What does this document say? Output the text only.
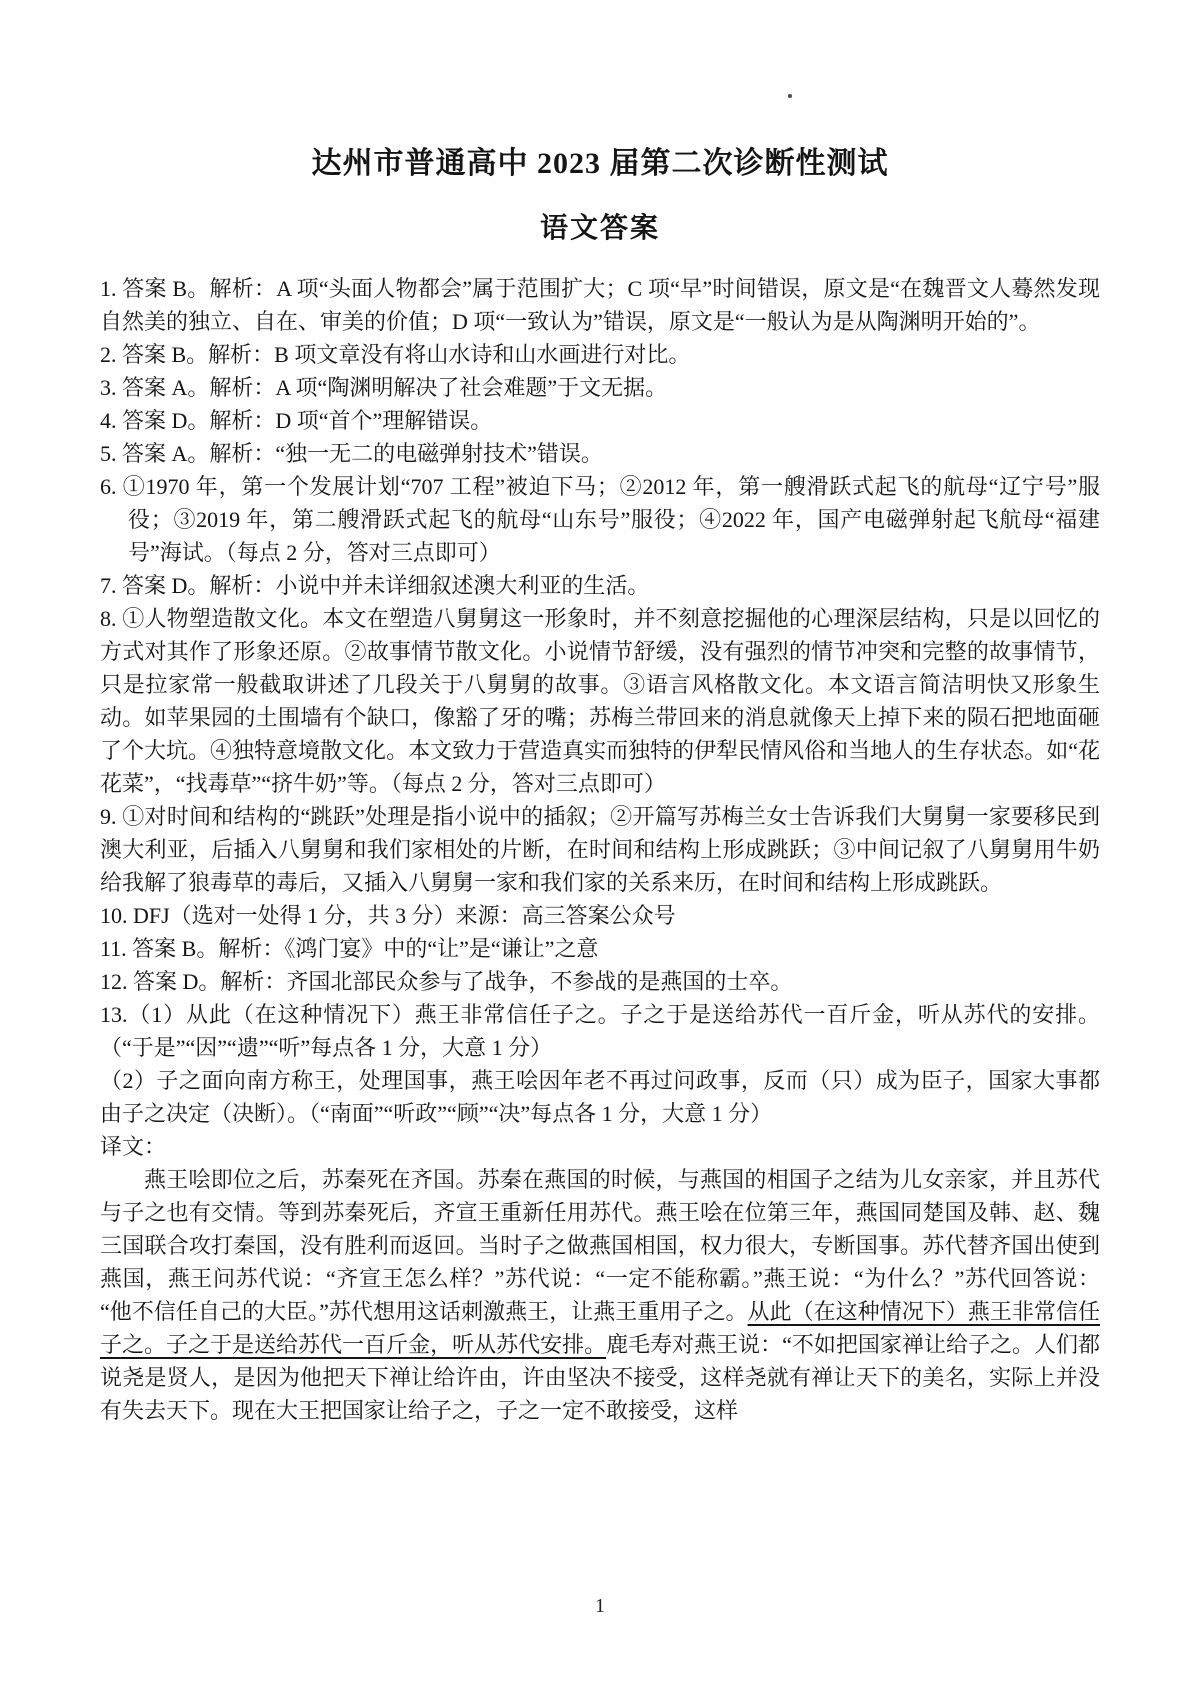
达州市普通高中 2023 届第二次诊断性测试
语文答案

1. 答案 B。解析：A 项“头面人物都会”属于范围扩大；C 项“早”时间错误，原文是“在魏晋文人蓦然发现自然美的独立、自在、审美的价值；D 项“一致认为”错误，原文是“一般认为是从陶渊明开始的”。

2. 答案 B。解析：B 项文章没有将山水诗和山水画进行对比。

3. 答案 A。解析：A 项“陶渊明解决了社会难题”于文无据。

4. 答案 D。解析：D 项“首个”理解错误。

5. 答案 A。解析：“独一无二的电磁弹射技术”错误。

6. ①1970 年，第一个发展计划“707 工程”被迫下马；②2012 年，第一艘滑跃式起飞的航母“辽宁号”服役；③2019 年，第二艘滑跃式起飞的航母“山东号”服役；④2022 年，国产电磁弹射起飞航母“福建号”海试。（每点 2 分，答对三点即可）

7. 答案 D。解析：小说中并未详细叙述澳大利亚的生活。

8. ①人物塑造散文化。本文在塑造八舅舅这一形象时，并不刻意挖掘他的心理深层结构，只是以回忆的方式对其作了形象还原。②故事情节散文化。小说情节舒缓，没有强烈的情节冲突和完整的故事情节，只是拉家常一般截取讲述了几段关于八舅舅的故事。③语言风格散文化。本文语言简洁明快又形象生动。如苹果园的土围墙有个缺口，像豁了牙的嘴；苏梅兰带回来的消息就像天上掉下来的陨石把地面砸了个大坑。④独特意境散文化。本文致力于营造真实而独特的伊犁民情风俗和当地人的生存状态。如“花花菜”，“找毒草”“挤牛奶”等。（每点 2 分，答对三点即可）

9. ①对时间和结构的“跳跃”处理是指小说中的插叙；②开篇写苏梅兰女士告诉我们大舅舅一家要移民到澳大利亚，后插入八舅舅和我们家相处的片断，在时间和结构上形成跳跃；③中间记叙了八舅舅用牛奶给我解了狼毒草的毒后，又插入八舅舅一家和我们家的关系来历，在时间和结构上形成跳跃。

10. DFJ（选对一处得 1 分，共 3 分）来源：高三答案公众号

11. 答案 B。解析：《鸿门宴》中的“让”是“谦让”之意

12. 答案 D。解析：齐国北部民众参与了战争，不参战的是燕国的士卒。

13.（1）从此（在这种情况下）燕王非常信任子之。子之于是送给苏代一百斤金，听从苏代的安排。（“于是”“因”“遗”“听”每点各 1 分，大意 1 分）

（2）子之面向南方称王，处理国事，燕王哙因年老不再过问政事，反而（只）成为臣子，国家大事都由子之决定（决断）。（“南面”“听政”“顾”“决”每点各 1 分，大意 1 分）

译文：

燕王哙即位之后，苏秦死在齐国。苏秦在燕国的时候，与燕国的相国子之结为儿女亲家，并且苏代与子之也有交情。等到苏秦死后，齐宣王重新任用苏代。燕王哙在位第三年，燕国同楚国及韩、赵、魏三国联合攻打秦国，没有胜利而返回。当时子之做燕国相国，权力很大，专断国事。苏代替齐国出使到燕国，燕王问苏代说：“齐宣王怎么样？”苏代说：“一定不能称霸。”燕王说：“为什么？”苏代回答说：“他不信任自己的大臣。”苏代想用这话刺激燕王，让燕王重用子之。从此（在这种情况下）燕王非常信任子之。子之于是送给苏代一百斤金，听从苏代安排。鹿毛寿对燕王说：“不如把国家禅让给子之。人们都说尧是贤人，是因为他把天下禅让给许由，许由坚决不接受，这样尧就有禅让天下的美名，实际上并没有失去天下。现在大王把国家让给子之，子之一定不敢接受，这样

1
